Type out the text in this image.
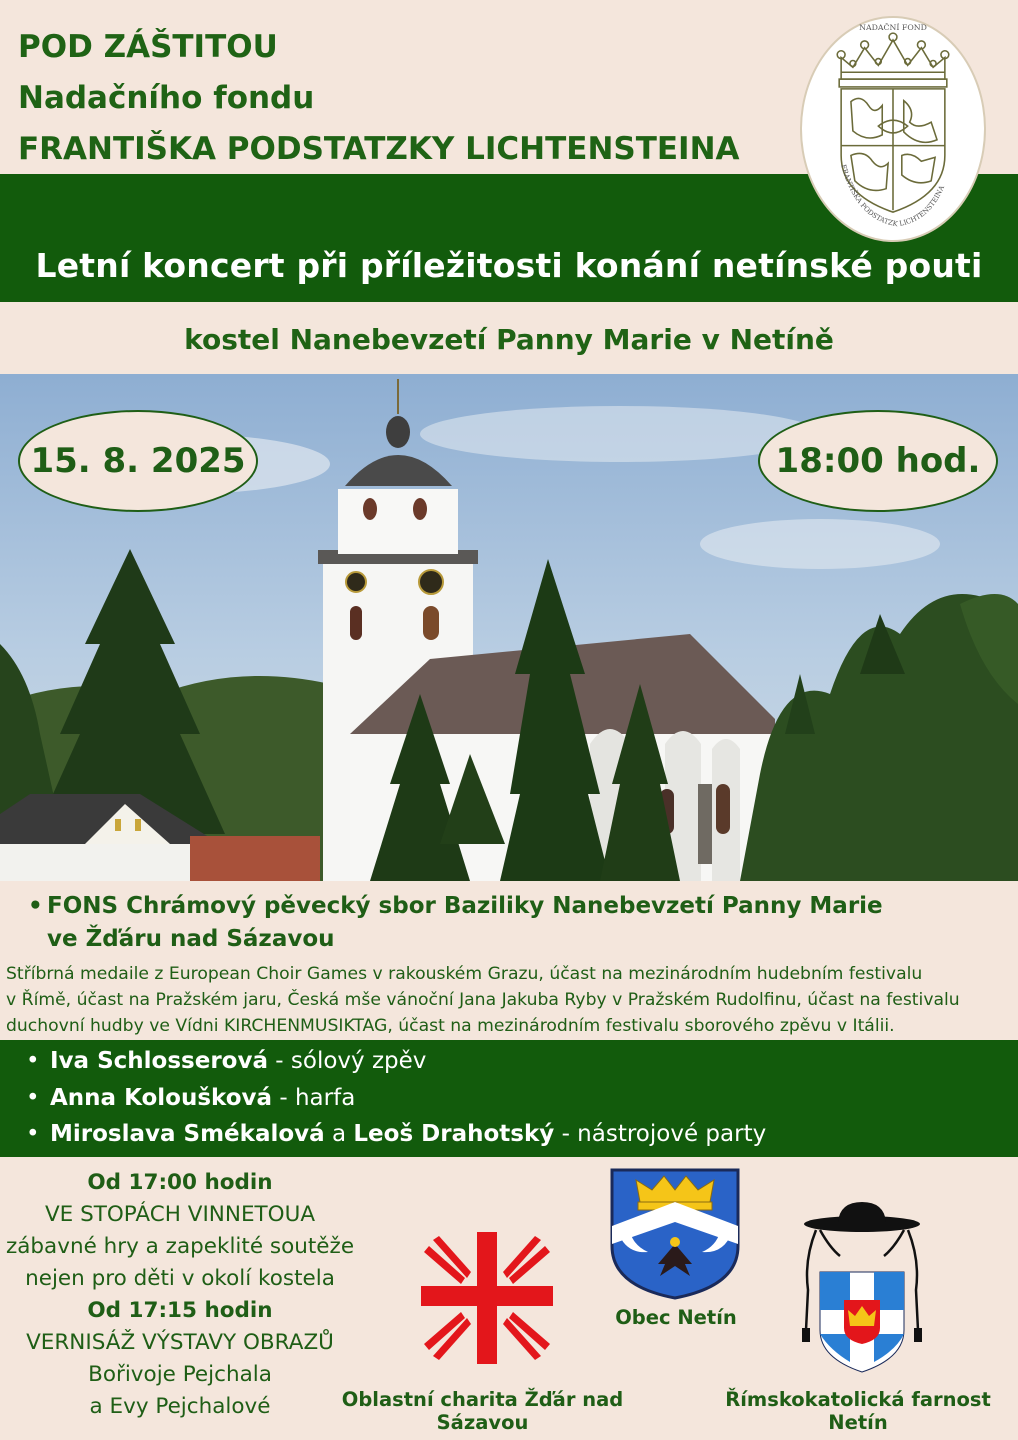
POD ZÁŠTITOU
Nadačního fondu
FRANTIŠKA PODSTATZKY LICHTENSTEINA
Letní koncert při příležitosti konání netínské pouti
NADAČNÍ FOND
FRANTIŠKA PODSTATZK LICHTENSTEINA
kostel Nanebevzetí Panny Marie v Netíně
15. 8. 2025	18:00 hod.
• FONS Chrámový pěvecký sbor Baziliky Nanebevzetí Panny Marie
ve Žďáru nad Sázavou
Stříbrná medaile z European Choir Games v rakouském Grazu, účast na mezinárodním hudebním festivalu
v Římě, účast na Pražském jaru, Česká mše vánoční Jana Jakuba Ryby v Pražském Rudolfinu, účast na festivalu
duchovní hudby ve Vídni KIRCHENMUSIKTAG, účast na mezinárodním festivalu sborového zpěvu v Itálii.
• Iva Schlosserová - sólový zpěv
• Anna Koloušková - harfa
• Miroslava Smékalová a Leoš Drahotský - nástrojové party
Od 17:00 hodin
VE STOPÁCH VINNETOUA
zábavné hry a zapeklité soutěže
nejen pro děti v okolí kostela
Od 17:15 hodin
VERNISÁŽ VÝSTAVY OBRAZŮ
Bořivoje Pejchala
a Evy Pejchalové
Obec Netín
Oblastní charita Žďár nad Sázavou
Římskokatolická farnost Netín
